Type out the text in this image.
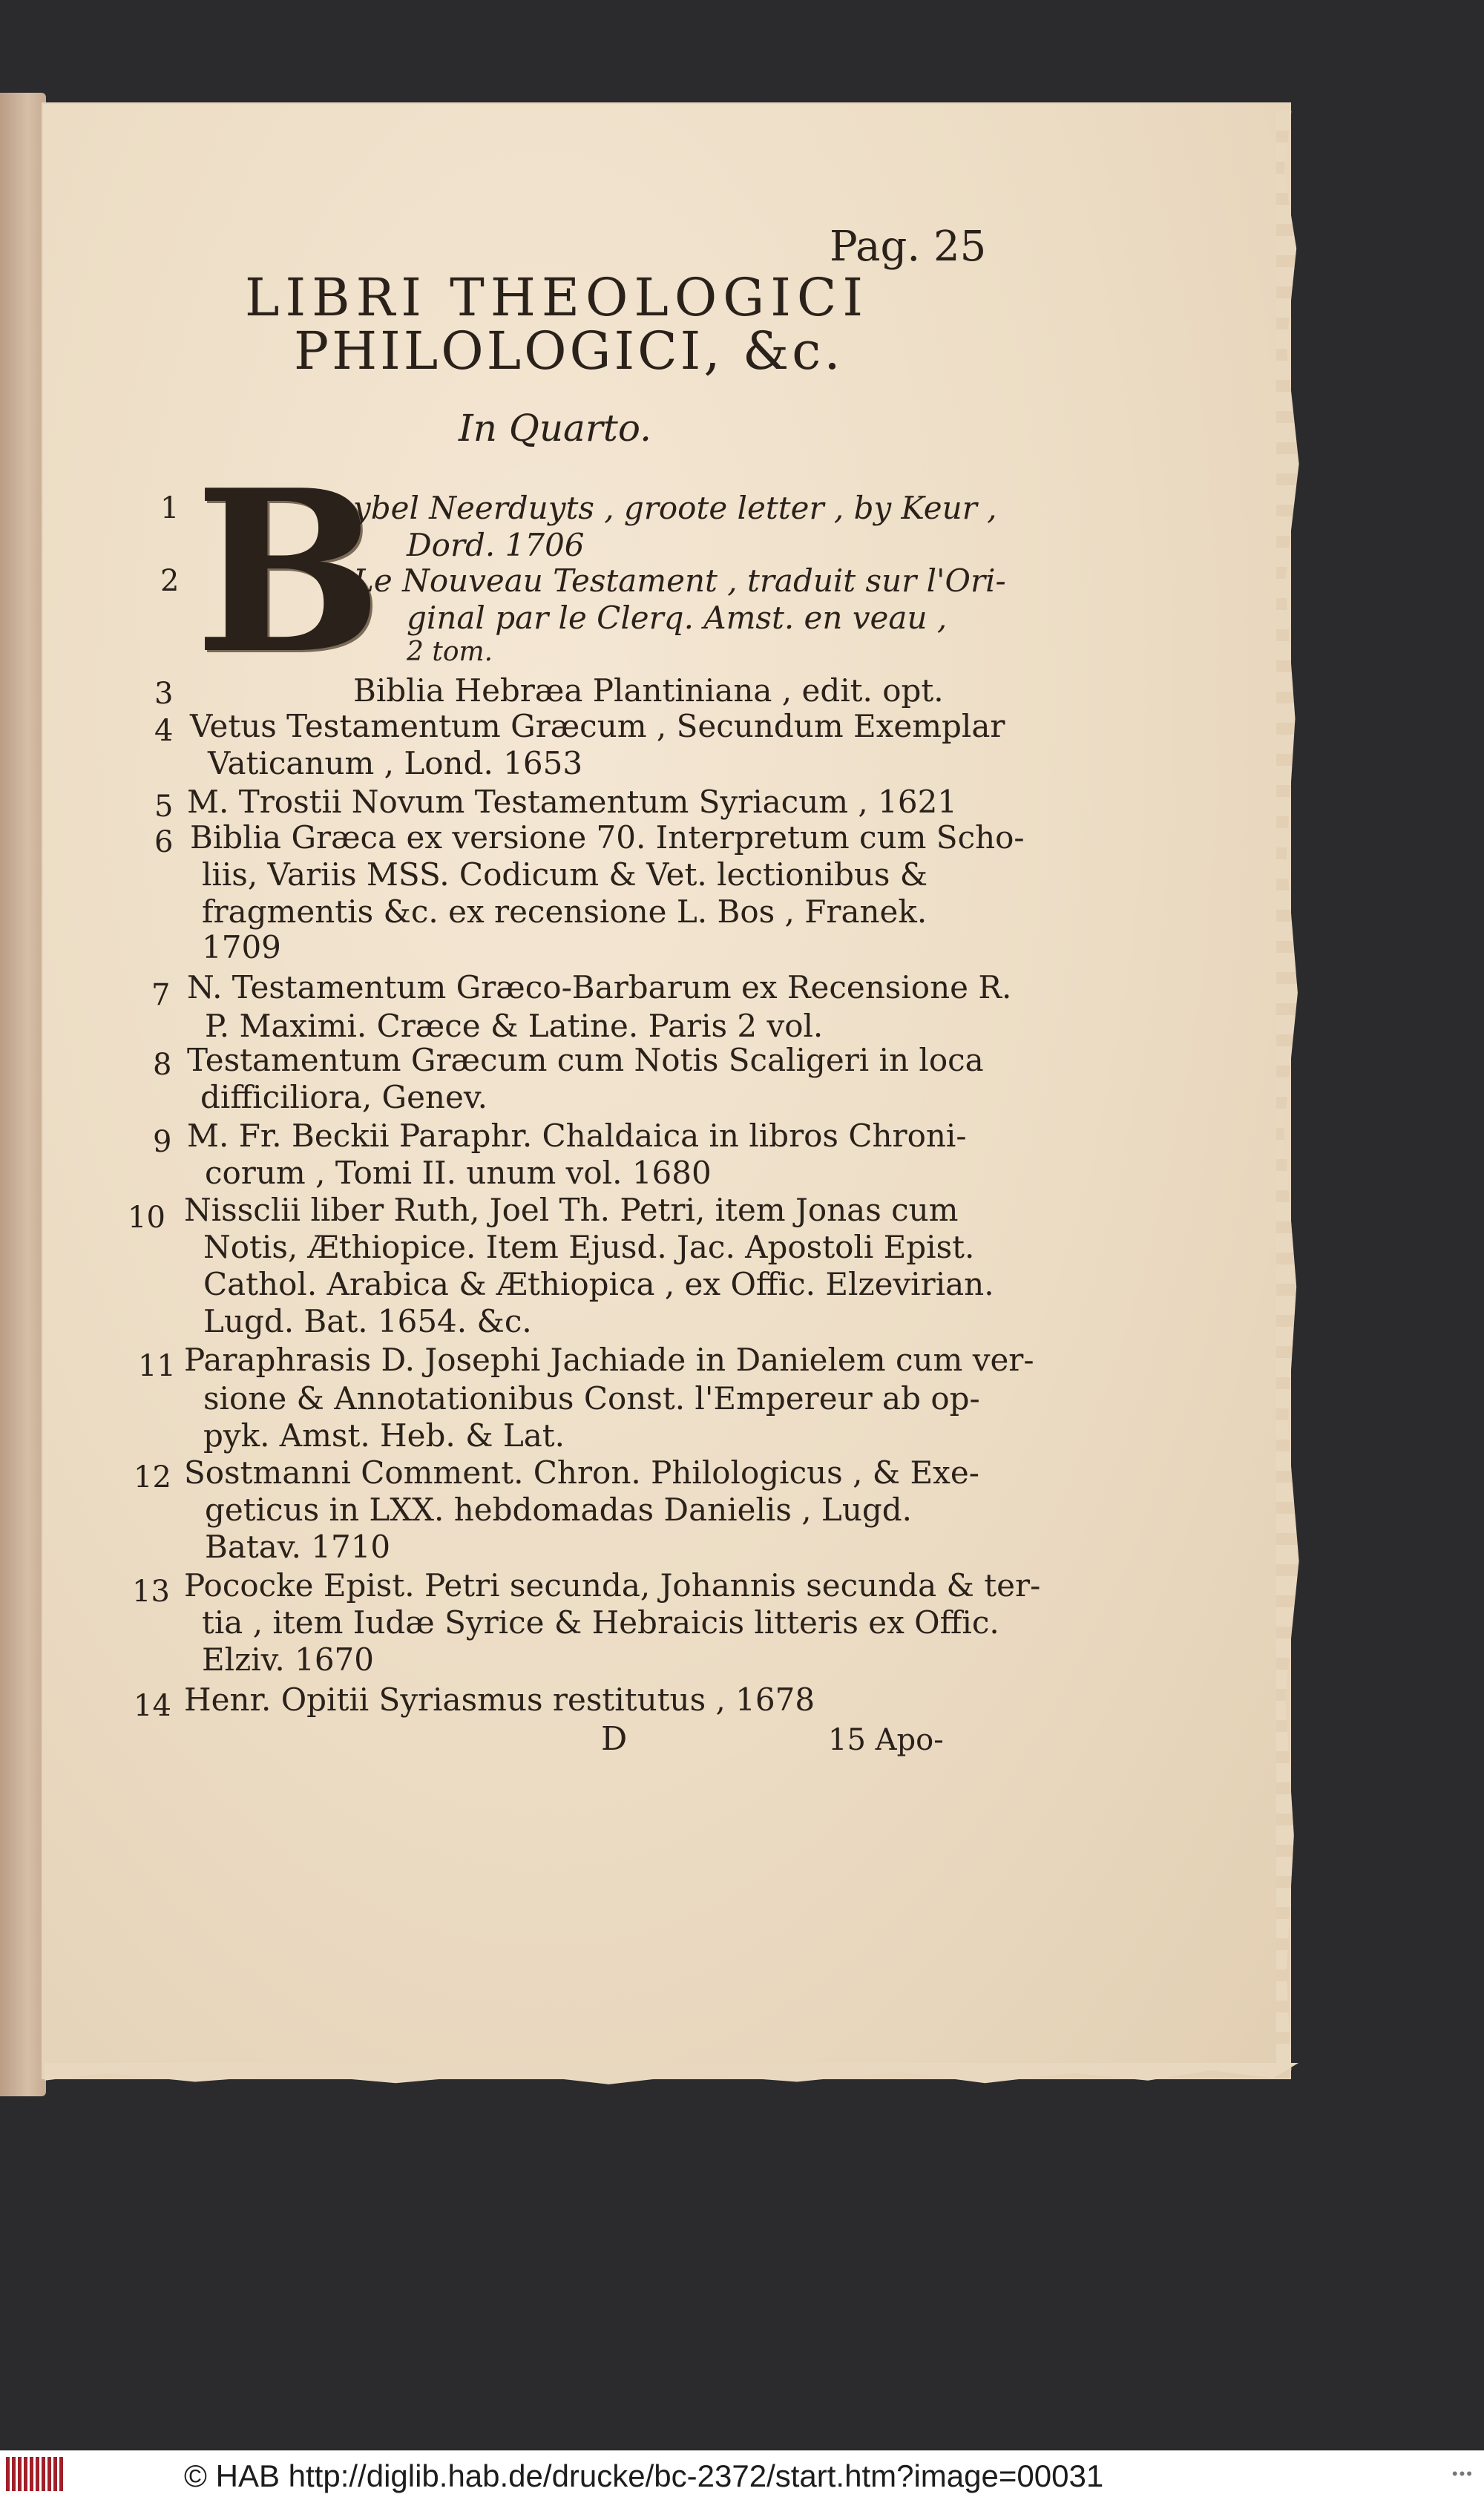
Pag. 25
LIBRI THEOLOGICI
PHILOLOGICI, &c.
In Quarto.
B
1	ybel Neerduyts , groote letter , by Keur ,
Dord. 1706
2	Le Nouveau Testament , traduit sur l'Ori-
ginal par le Clerq. Amst. en veau ,
2 tom.
3	Biblia Hebræa Plantiniana , edit. opt.
4 Vetus Testamentum Græcum , Secundum Exemplar
Vaticanum , Lond. 1653
5 M. Trostii Novum Testamentum Syriacum , 1621
6 Biblia Græca ex versione 70. Interpretum cum Scho-
liis, Variis MSS. Codicum & Vet. lectionibus &
fragmentis &c. ex recensione L. Bos , Franek.
1709
7 N. Testamentum Græco-Barbarum ex Recensione R.
P. Maximi. Cræce & Latine. Paris 2 vol.
8 Testamentum Græcum cum Notis Scaligeri in loca
difficiliora, Genev.
9 M. Fr. Beckii Paraphr. Chaldaica in libros Chroni-
corum , Tomi II. unum vol. 1680
10 Nissclii liber Ruth, Joel Th. Petri, item Jonas cum
Notis, Æthiopice. Item Ejusd. Jac. Apostoli Epist.
Cathol. Arabica & Æthiopica , ex Offic. Elzevirian.
Lugd. Bat. 1654. &c.
11 Paraphrasis D. Josephi Jachiade in Danielem cum ver-
sione & Annotationibus Const. l'Empereur ab op-
pyk. Amst. Heb. & Lat.
12 Sostmanni Comment. Chron. Philologicus , & Exe-
geticus in LXX. hebdomadas Danielis , Lugd.
Batav. 1710
13 Pococke Epist. Petri secunda, Johannis secunda & ter-
tia , item Iudæ Syrice & Hebraicis litteris ex Offic.
Elziv. 1670
14 Henr. Opitii Syriasmus restitutus , 1678
D	15 Apo-
© HAB http://diglib.hab.de/drucke/bc-2372/start.htm?image=00031	•••
